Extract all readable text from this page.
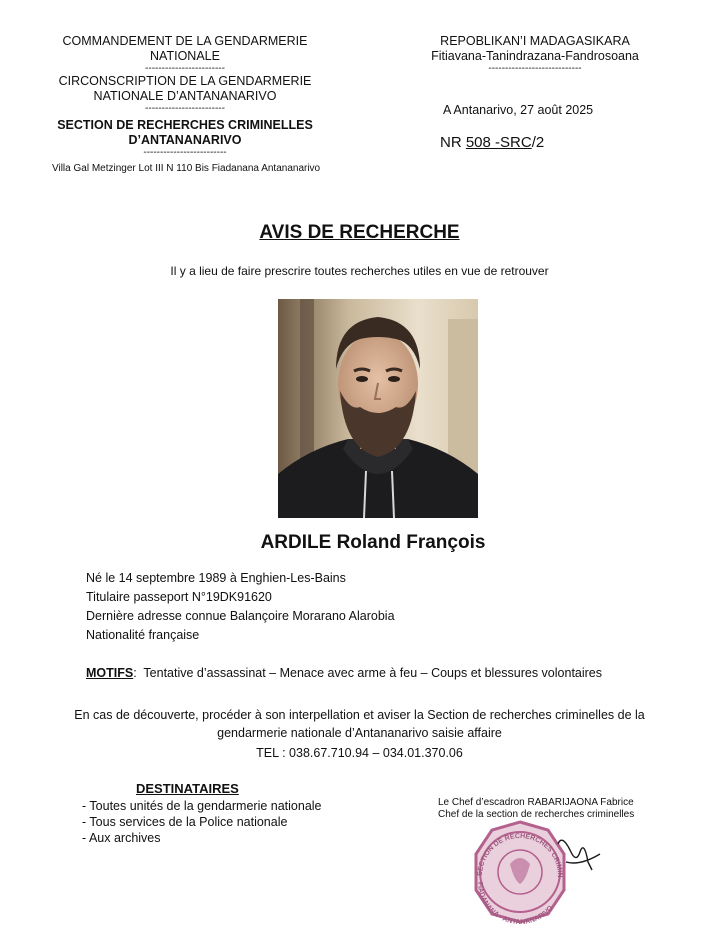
COMMANDEMENT DE LA GENDARMERIE
NATIONALE
------------------------
CIRCONSCRIPTION DE LA GENDARMERIE
NATIONALE D’ANTANANARIVO
------------------------
SECTION DE RECHERCHES CRIMINELLES
D’ANTANANARIVO
-------------------------
Villa Gal Metzinger Lot III N 110 Bis Fiadanana Antananarivo
REPOBLIKAN’I MADAGASIKARA
Fitiavana-Tanindrazana-Fandrosoana
----------------------------
A Antanarivo, 27 août 2025
NR 508 -SRC/2
AVIS DE RECHERCHE
Il y a lieu de faire prescrire toutes recherches utiles en vue de retrouver
ARDILE Roland François
Né le 14 septembre 1989 à Enghien-Les-Bains
Titulaire passeport N°19DK91620
Dernière adresse connue Balançoire Morarano Alarobia
Nationalité française
MOTIFS:  Tentative d’assassinat – Menace avec arme à feu – Coups et blessures volontaires
En cas de découverte, procéder à son interpellation et aviser la Section de recherches criminelles de la
gendarmerie nationale d’Antananarivo saisie affaire
TEL : 038.67.710.94 – 034.01.370.06
DESTINATAIRES
- Toutes unités de la gendarmerie nationale
- Tous services de la Police nationale
- Aux archives
SECTION DE RECHERCHES CRIMIN
FIADANANA - ANTANANARIVO
Le Chef d’escadron RABARIJAONA Fabrice
Chef de la section de recherches criminelles
